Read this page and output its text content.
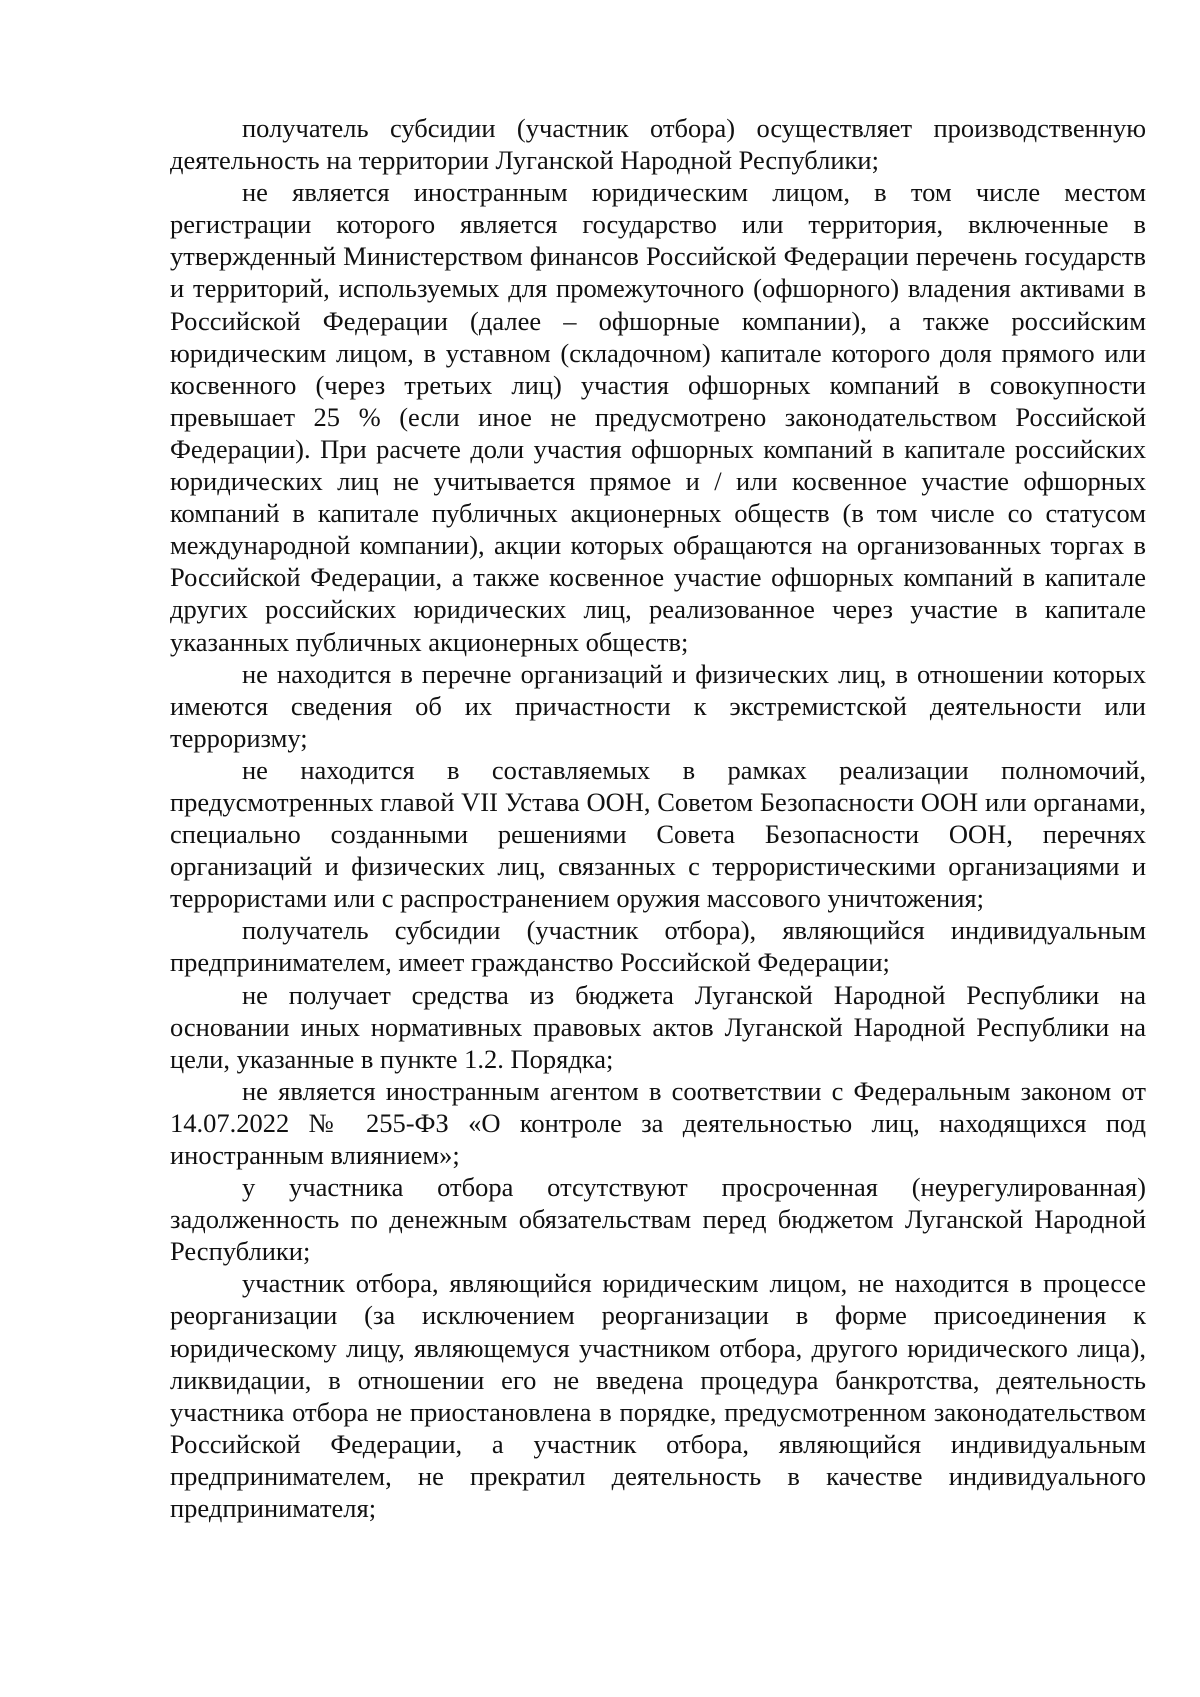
получатель субсидии (участник отбора) осуществляет производственную деятельность на территории Луганской Народной Республики;

не является иностранным юридическим лицом, в том числе местом регистрации которого является государство или территория, включенные в утвержденный Министерством финансов Российской Федерации перечень государств и территорий, используемых для промежуточного (офшорного) владения активами в Российской Федерации (далее – офшорные компании), а также российским юридическим лицом, в уставном (складочном) капитале которого доля прямого или косвенного (через третьих лиц) участия офшорных компаний в совокупности превышает 25 % (если иное не предусмотрено законодательством Российской Федерации). При расчете доли участия офшорных компаний в капитале российских юридических лиц не учитывается прямое и / или косвенное участие офшорных компаний в капитале публичных акционерных обществ (в том числе со статусом международной компании), акции которых обращаются на организованных торгах в Российской Федерации, а также косвенное участие офшорных компаний в капитале других российских юридических лиц, реализованное через участие в капитале указанных публичных акционерных обществ;

не находится в перечне организаций и физических лиц, в отношении которых имеются сведения об их причастности к экстремистской деятельности или терроризму;

не находится в составляемых в рамках реализации полномочий, предусмотренных главой VII Устава ООН, Советом Безопасности ООН или органами, специально созданными решениями Совета Безопасности ООН, перечнях организаций и физических лиц, связанных с террористическими организациями и террористами или с распространением оружия массового уничтожения;

получатель субсидии (участник отбора), являющийся индивидуальным предпринимателем, имеет гражданство Российской Федерации;

не получает средства из бюджета Луганской Народной Республики на основании иных нормативных правовых актов Луганской Народной Республики на цели, указанные в пункте 1.2. Порядка;

не является иностранным агентом в соответствии с Федеральным законом от 14.07.2022 № 255-ФЗ «О контроле за деятельностью лиц, находящихся под иностранным влиянием»;

у участника отбора отсутствуют просроченная (неурегулированная) задолженность по денежным обязательствам перед бюджетом Луганской Народной Республики;

участник отбора, являющийся юридическим лицом, не находится в процессе реорганизации (за исключением реорганизации в форме присоединения к юридическому лицу, являющемуся участником отбора, другого юридического лица), ликвидации, в отношении его не введена процедура банкротства, деятельность участника отбора не приостановлена в порядке, предусмотренном законодательством Российской Федерации, а участник отбора, являющийся индивидуальным предпринимателем, не прекратил деятельность в качестве индивидуального предпринимателя;
